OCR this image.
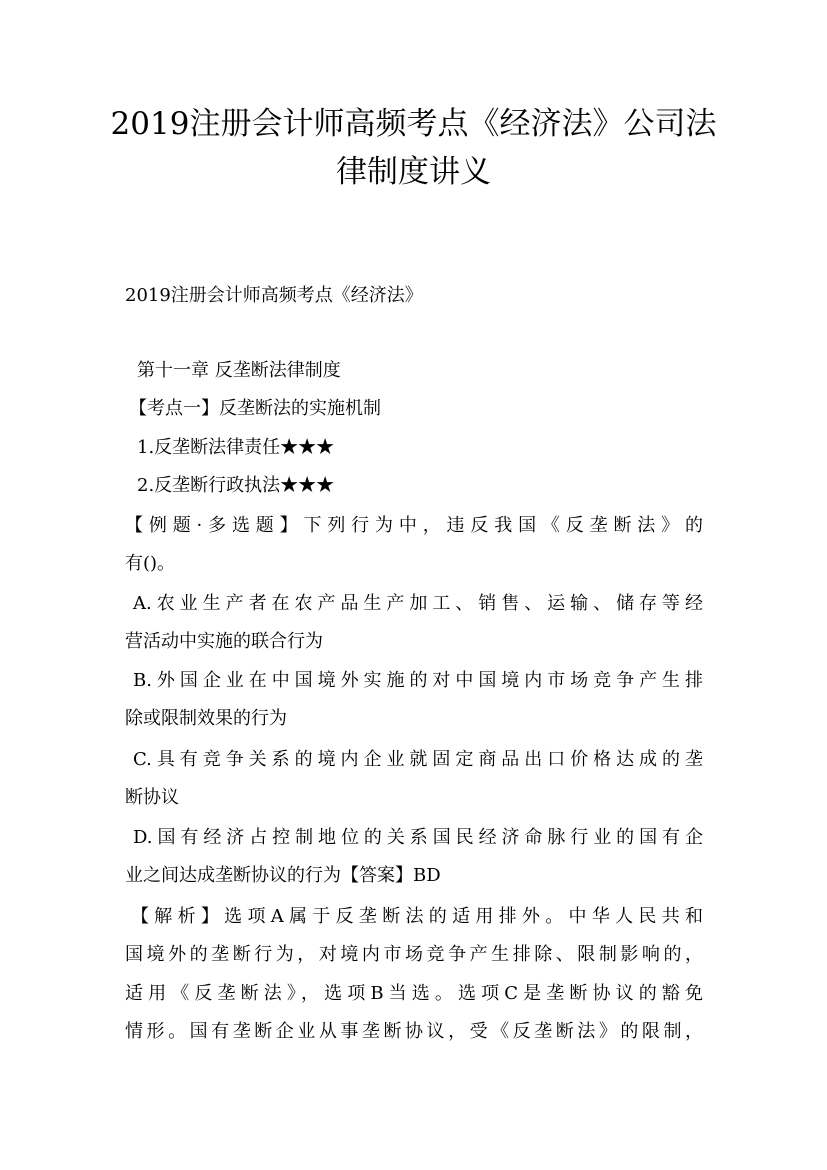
2019注册会计师高频考点《经济法》公司法
律制度讲义
2019注册会计师高频考点《经济法》
第十一章 反垄断法律制度
【考点一】反垄断法的实施机制
1.反垄断法律责任★★★
2.反垄断行政执法★★★
【例题·多选题】下列行为中，违反我国《反垄断法》的
有()。
A.农业生产者在农产品生产加工、销售、运输、储存等经
营活动中实施的联合行为
B.外国企业在中国境外实施的对中国境内市场竞争产生排
除或限制效果的行为
C.具有竞争关系的境内企业就固定商品出口价格达成的垄
断协议
D.国有经济占控制地位的关系国民经济命脉行业的国有企
业之间达成垄断协议的行为【答案】BD
【解析】选项A属于反垄断法的适用排外。中华人民共和
国境外的垄断行为，对境内市场竞争产生排除、限制影响的，
适用《反垄断法》，选项B当选。选项C是垄断协议的豁免
情形。国有垄断企业从事垄断协议，受《反垄断法》的限制，
